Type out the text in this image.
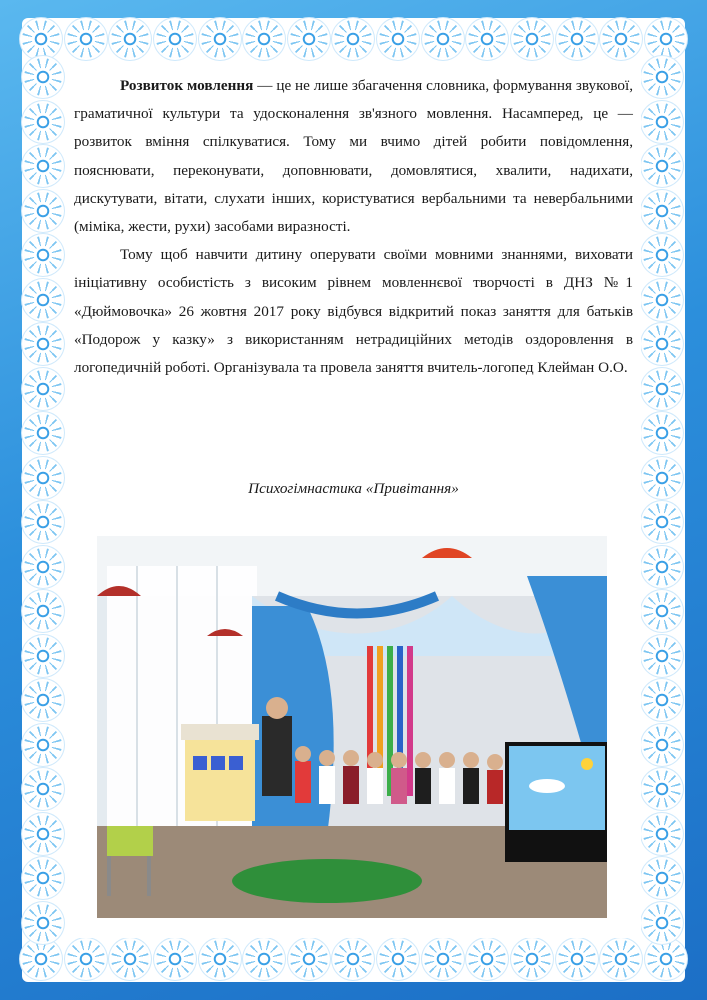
Розвиток мовлення — це не лише збагачення словника, формування звукової, граматичної культури та удосконалення зв'язного мовлення. Насамперед, це — розвиток вміння спілкуватися. Тому ми вчимо дітей робити повідомлення, пояснювати, переконувати, доповнювати, домовлятися, хвалити, надихати, дискутувати, вітати, слухати інших, користуватися вербальними та невербальними (міміка, жести, рухи) засобами виразності.

Тому щоб навчити дитину оперувати своїми мовними знаннями, виховати ініціативну особистість з високим рівнем мовленнєвої творчості в ДНЗ №1 «Дюймовочка» 26 жовтня 2017 року відбувся відкритий показ заняття для батьків «Подорож у казку» з використанням нетрадиційних методів оздоровлення в логопедичній роботі. Організувала та провела заняття вчитель-логопед Клейман О.О.

Психогімнастика «Привітання»
